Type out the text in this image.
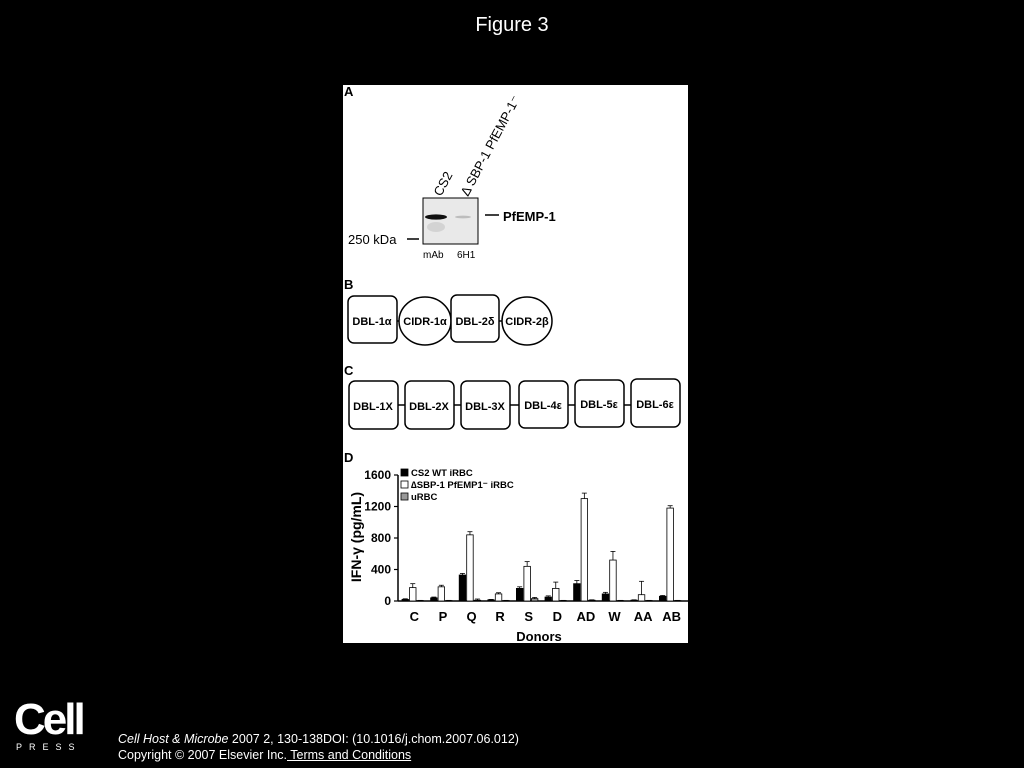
Figure 3
A
CS2 Δ SBP-1 PfEMP-1⁻
PfEMP-1
250 kDa
mAb 6H1
B
DBL-1α CIDR-1α DBL-2δ CIDR-2β
C
DBL-1X DBL-2X DBL-3X DBL-4ε DBL-5ε DBL-6ε
D
IFN-γ (pg/mL)
Donors
0
400
800
1200
1600
C P Q R S D AD W AA AB
CS2 WT iRBC
∆SBP-1 PfEMP1⁻ iRBC
uRBC
Cell
PRESS
Cell Host & Microbe 2007 2, 130-138DOI: (10.1016/j.chom.2007.06.012)
Copyright © 2007 Elsevier Inc. Terms and Conditions
